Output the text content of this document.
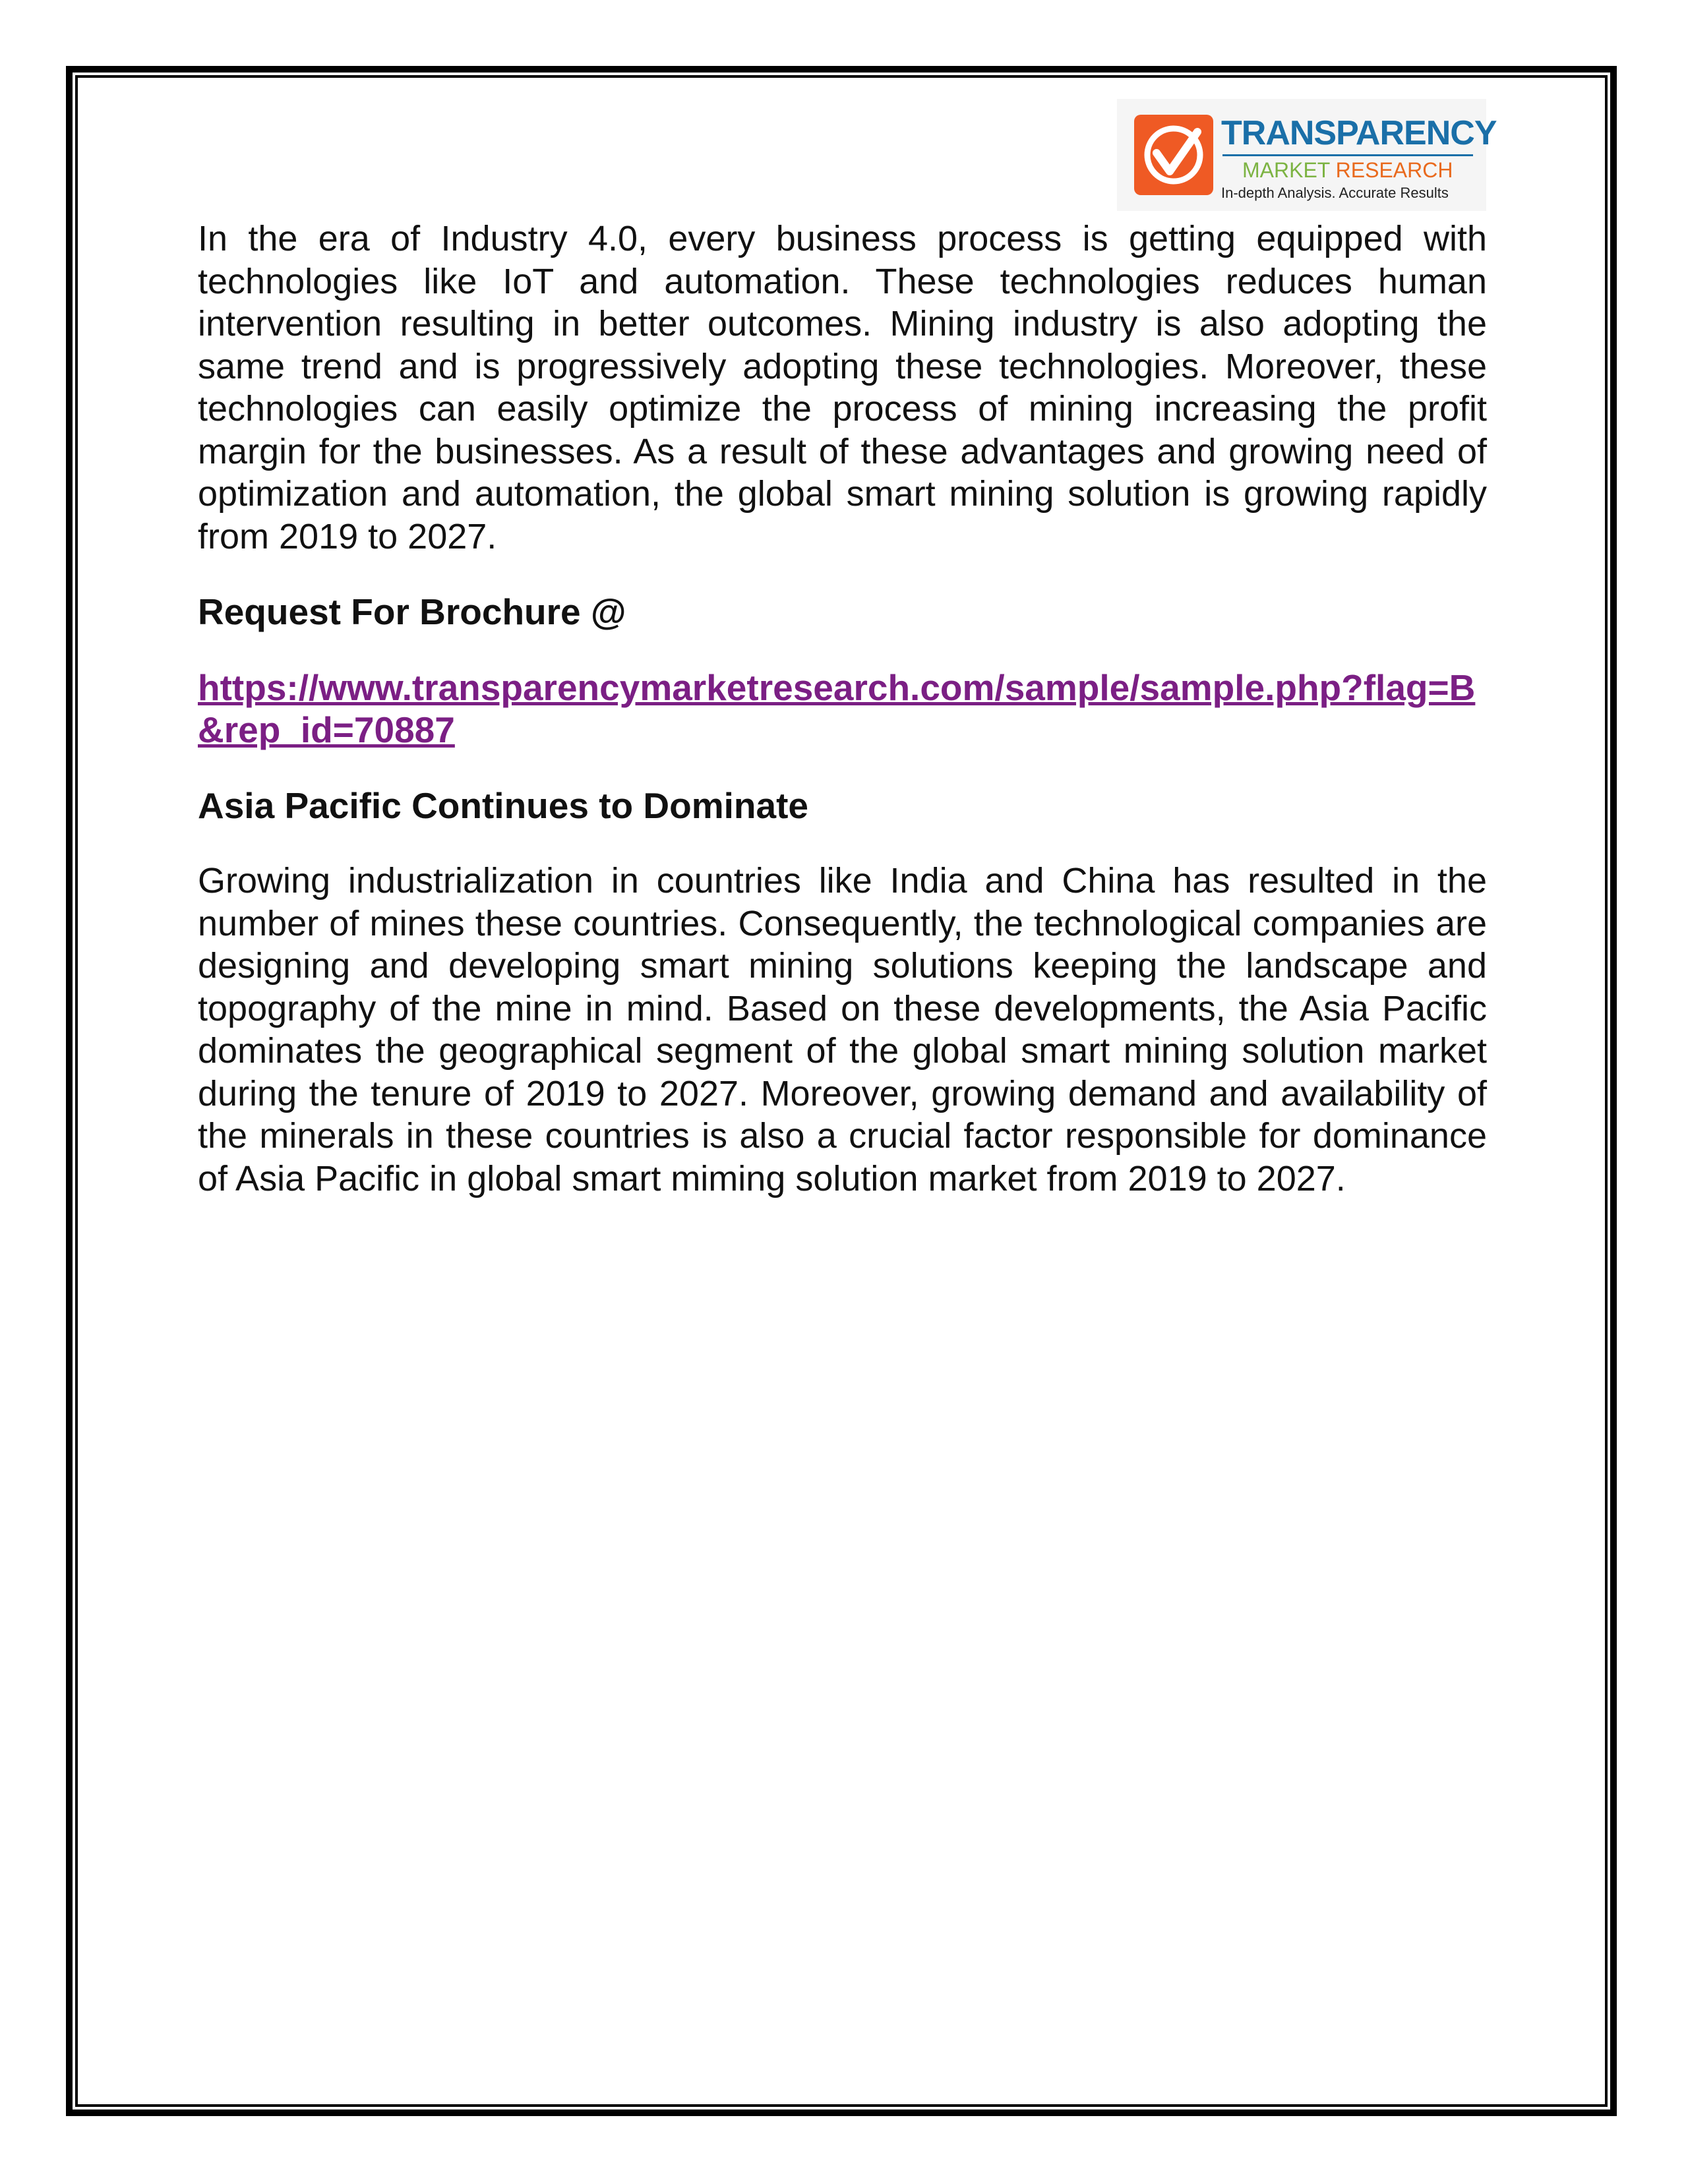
TRANSPARENCY
MARKET RESEARCH
In-depth Analysis. Accurate Results

In the era of Industry 4.0, every business process is getting equipped with technologies like IoT and automation. These technologies reduces human intervention resulting in better outcomes. Mining industry is also adopting the same trend and is progressively adopting these technologies. Moreover, these technologies can easily optimize the process of mining increasing the profit margin for the businesses. As a result of these advantages and growing need of optimization and automation, the global smart mining solution is growing rapidly from 2019 to 2027.

Request For Brochure @

https://www.transparencymarketresearch.com/sample/sample.php?flag=B&rep_id=70887

Asia Pacific Continues to Dominate

Growing industrialization in countries like India and China has resulted in the number of mines these countries. Consequently, the technological companies are designing and developing smart mining solutions keeping the landscape and topography of the mine in mind. Based on these developments, the Asia Pacific dominates the geographical segment of the global smart mining solution market during the tenure of 2019 to 2027. Moreover, growing demand and availability of the minerals in these countries is also a crucial factor responsible for dominance of Asia Pacific in global smart miming solution market from 2019 to 2027.
